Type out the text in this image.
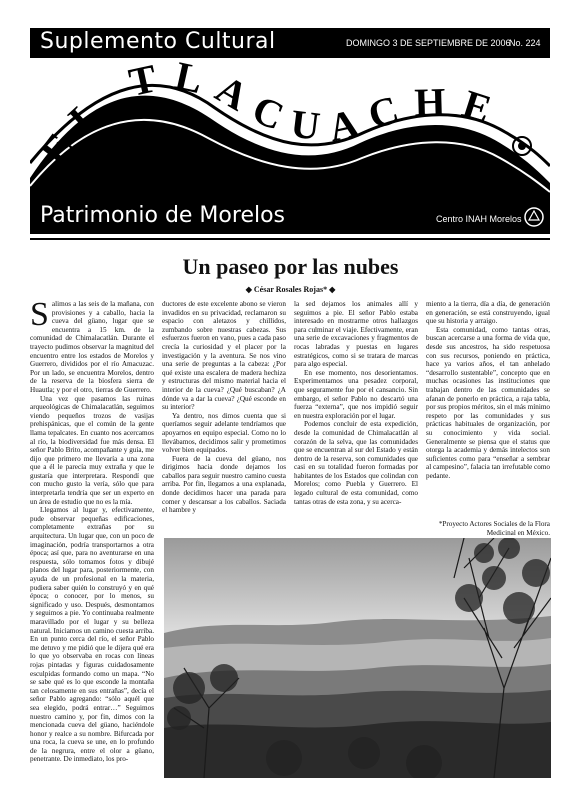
Suplemento Cultural	DOMINGO 3 DE SEPTIEMBRE DE 2006
No. 224
EL TLACUACHE
Patrimonio de Morelos	Centro INAH Morelos
Un paseo por las nubes
◆ César Rosales Rojas* ◆
S alimos a las seis de la mañana, con provisiones y a caballo, hacia la cueva del güano, lugar que se encuentra a 15 km. de la comunidad de Chimalacatlán. Durante el trayecto pudimos observar la magnitud del encuentro entre los estados de Morelos y Guerrero, divididos por el río Amacuzac. Por un lado, se encuentra Morelos, dentro de la reserva de la biosfera sierra de Huautla; y por el otro, tierras de Guerrero.

Una vez que pasamos las ruinas arqueológicas de Chimalacatlán, seguimos viendo pequeños trozos de vasijas prehispánicas, que el común de la gente llama tepalcates. En cuanto nos acercamos al río, la biodiversidad fue más densa. El señor Pablo Brito, acompañante y guía, me dijo que primero me llevaría a una zona que a él le parecía muy extraña y que le gustaría que interpretara. Respondí que con mucho gusto la vería, sólo que para interpretarla tendría que ser un experto en un área de estudio que no es la mía.

Llegamos al lugar y, efectivamente, pude observar pequeñas edificaciones, completamente extrañas por su arquitectura. Un lugar que, con un poco de imaginación, podría transportarnos a otra época; así que, para no aventurarse en una respuesta, sólo tomamos fotos y dibujé planos del lugar para, posteriormente, con ayuda de un profesional en la materia, pudiera saber quién lo construyó y en qué época; o conocer, por lo menos, su significado y uso. Después, desmontamos y seguimos a pie. Yo continuaba realmente maravillado por el lugar y su belleza natural. Iniciamos un camino cuesta arriba. En un punto cerca del río, el señor Pablo me detuvo y me pidió que le dijera qué era lo que yo observaba en rocas con líneas rojas pintadas y figuras cuidadosamente esculpidas formando como un mapa. “No se sabe qué es lo que esconde la montaña tan celosamente en sus entrañas”, decía el señor Pablo agregando: “sólo aquél que sea elegido, podrá entrar…” Seguimos nuestro camino y, por fin, dimos con la mencionada cueva del güano, haciéndole honor y realce a su nombre. Bifurcada por una roca, la cueva se une, en lo profundo de la negrura, entre el olor a güano, penetrante. De inmediato, los pro-

ductores de este excelente abono se vieron invadidos en su privacidad, reclamaron su espacio con aletazos y chillidos, zumbando sobre nuestras cabezas. Sus esfuerzos fueron en vano, pues a cada paso crecía la curiosidad y el placer por la investigación y la aventura. Se nos vino una serie de preguntas a la cabeza: ¿Por qué existe una escalera de madera hechiza y estructuras del mismo material hacia el interior de la cueva? ¿Qué buscaban? ¿A dónde va a dar la cueva? ¿Qué esconde en su interior?

Ya dentro, nos dimos cuenta que si queríamos seguir adelante tendríamos que apoyarnos en equipo especial. Como no lo llevábamos, decidimos salir y prometimos volver bien equipados.

Fuera de la cueva del güano, nos dirigimos hacia donde dejamos los caballos para seguir nuestro camino cuesta arriba. Por fin, llegamos a una explanada, donde decidimos hacer una parada para comer y descansar a los caballos. Saciada el hambre y

la sed dejamos los animales allí y seguimos a pie. El señor Pablo estaba interesado en mostrarme otros hallazgos para culminar el viaje. Efectivamente, eran una serie de excavaciones y fragmentos de rocas labradas y puestas en lugares estratégicos, como si se tratara de marcas para algo especial.

En ese momento, nos desorientamos. Experimentamos una pesadez corporal, que seguramente fue por el cansancio. Sin embargo, el señor Pablo no descartó una fuerza “externa”, que nos impidió seguir en nuestra exploración por el lugar.

Podemos concluir de esta expedición, desde la comunidad de Chimalacatlán al corazón de la selva, que las comunidades que se encuentran al sur del Estado y están dentro de la reserva, son comunidades que casi en su totalidad fueron formadas por habitantes de los Estados que colindan con Morelos; como Puebla y Guerrero. El legado cultural de esta comunidad, como tantas otras de esta zona, y su acerca-

miento a la tierra, día a día, de generación en generación, se está construyendo, igual que su historia y arraigo.

Esta comunidad, como tantas otras, buscan acercarse a una forma de vida que, desde sus ancestros, ha sido respetuosa con sus recursos, poniendo en práctica, hace ya varios años, el tan anhelado “desarrollo sustentable”, concepto que en muchas ocasiones las instituciones que trabajan dentro de las comunidades se afanan de ponerlo en práctica, a raja tabla, por sus propios méritos, sin el más mínimo respeto por las comunidades y sus prácticas habituales de organización, por su conocimiento y vida social. Generalmente se piensa que el status que otorga la academia y demás intelectos son suficientes como para “enseñar a sembrar al campesino”, falacia tan irrefutable como pedante.

*Proyecto Actores Sociales de la Flora Medicinal en México.
